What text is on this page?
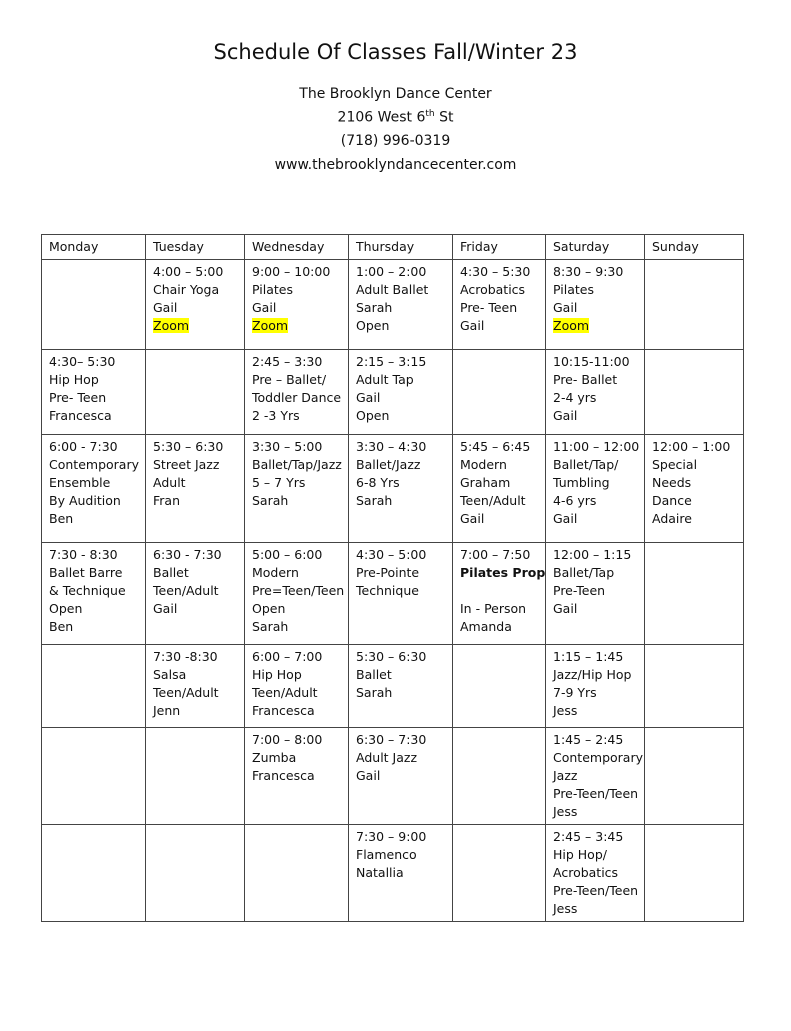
Schedule Of Classes Fall/Winter 23

The Brooklyn Dance Center

2106 West 6th St

(718) 996-0319

www.thebrooklyndancecenter.com

Monday	Tuesday	Wednesday	Thursday	Friday	Saturday	Sunday

	4:00 – 5:00
Chair Yoga
Gail
Zoom	9:00 – 10:00
Pilates
Gail
Zoom	1:00 – 2:00
Adult Ballet
Sarah
Open	4:30 – 5:30
Acrobatics
Pre- Teen
Gail	8:30 – 9:30
Pilates
Gail
Zoom	

4:30– 5:30
Hip Hop
Pre- Teen
Francesca		2:45 – 3:30
Pre – Ballet/
Toddler Dance
2 -3 Yrs	2:15 – 3:15
Adult Tap
Gail
Open		10:15-11:00
Pre- Ballet
2-4 yrs
Gail	

6:00 - 7:30
Contemporary
Ensemble
By Audition
Ben	5:30 – 6:30
Street Jazz
Adult
Fran	3:30 – 5:00
Ballet/Tap/Jazz
5 – 7 Yrs
Sarah	3:30 – 4:30
Ballet/Jazz
6-8 Yrs
Sarah	5:45 – 6:45
Modern
Graham
Teen/Adult
Gail	11:00 – 12:00
Ballet/Tap/
Tumbling
4-6 yrs
Gail	12:00 – 1:00
Special
Needs
Dance
Adaire

7:30 - 8:30
Ballet Barre
& Technique
Open
Ben	6:30 - 7:30
Ballet
Teen/Adult
Gail	5:00 – 6:00
Modern
Pre=Teen/Teen
Open
Sarah	4:30 – 5:00
Pre-Pointe
Technique	7:00 – 7:50
Pilates Prop
In - Person
Amanda	12:00 – 1:15
Ballet/Tap
Pre-Teen
Gail	

	7:30 -8:30
Salsa
Teen/Adult
Jenn	6:00 – 7:00
Hip Hop
Teen/Adult
Francesca	5:30 – 6:30
Ballet
Sarah		1:15 – 1:45
Jazz/Hip Hop
7-9 Yrs
Jess	

		7:00 – 8:00
Zumba
Francesca	6:30 – 7:30
Adult Jazz
Gail		1:45 – 2:45
Contemporary
Jazz
Pre-Teen/Teen
Jess	

			7:30 – 9:00
Flamenco
Natallia		2:45 – 3:45
Hip Hop/
Acrobatics
Pre-Teen/Teen
Jess	
